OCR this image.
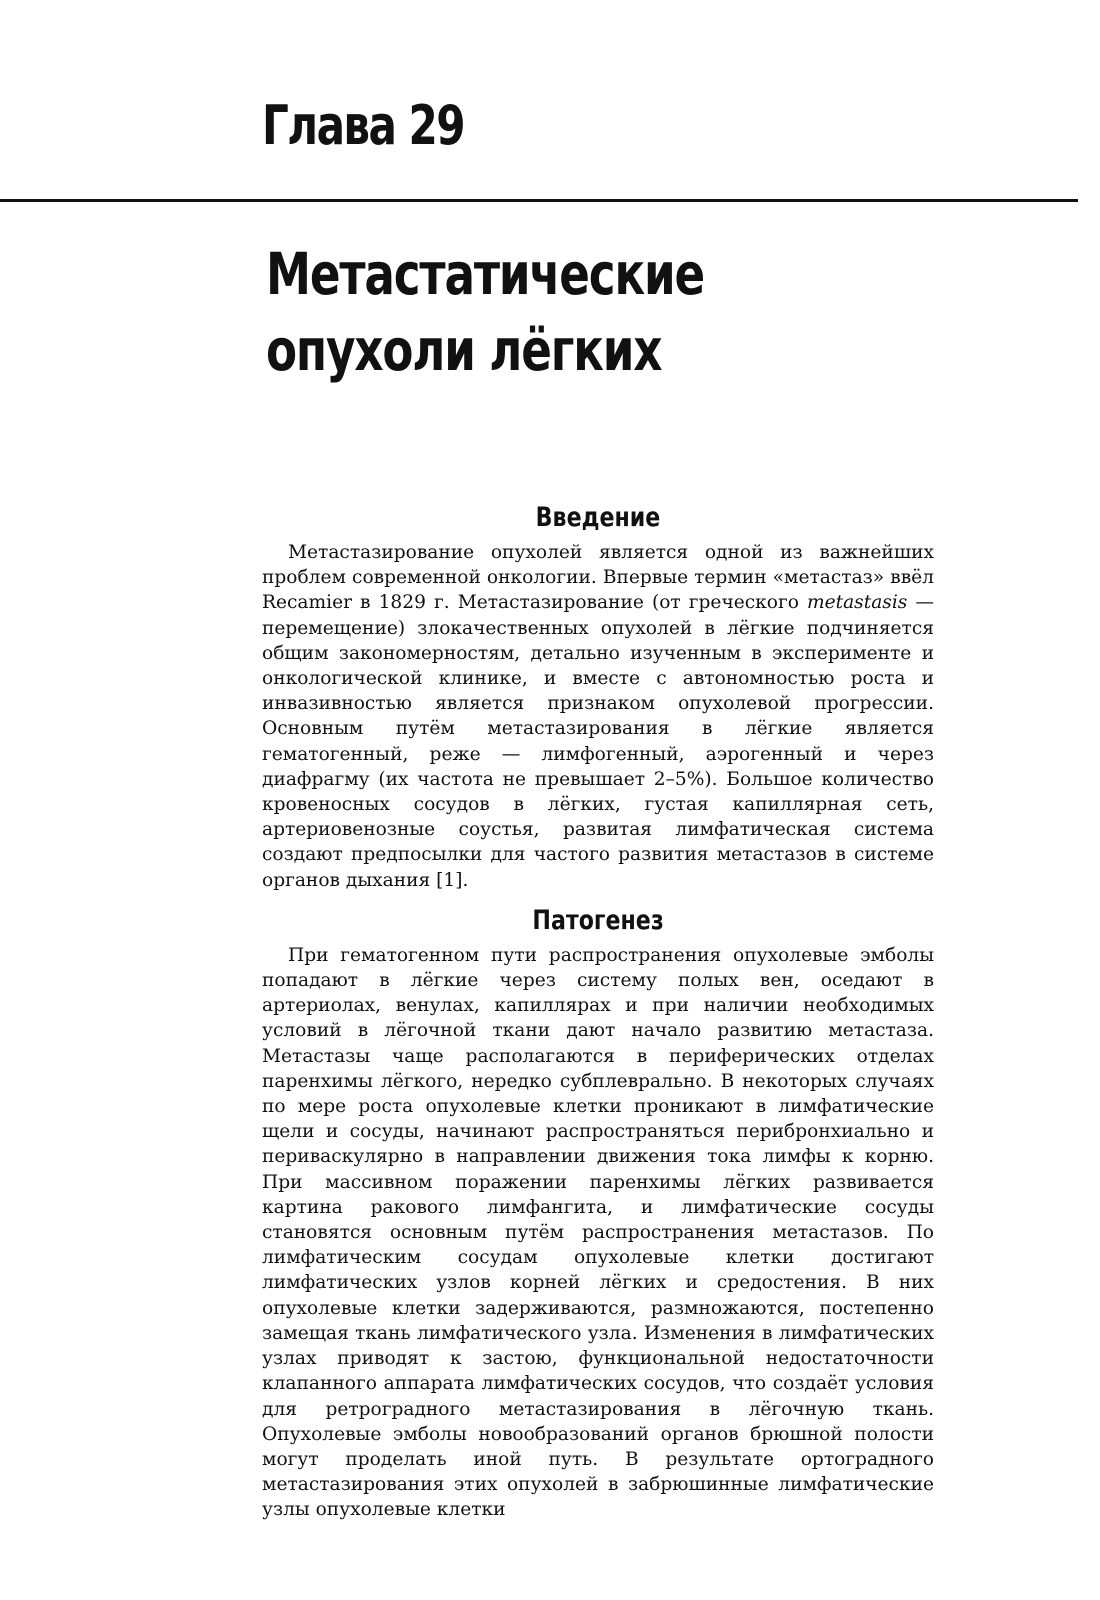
Глава 29
Метастатические
опухоли лёгких
Введение

Метастазирование опухолей является одной из важнейших проблем современной онкологии. Впервые термин «метастаз» ввёл Recamier в 1829 г. Метастазирование (от греческого metastasis — перемещение) злокачественных опухолей в лёгкие подчиняется общим закономерностям, детально изученным в эксперименте и онкологической клинике, и вместе с автономностью роста и инвазивностью является признаком опухолевой прогрессии. Основным путём метастазирования в лёгкие является гематогенный, реже — лимфогенный, аэрогенный и через диафрагму (их частота не превышает 2–5%). Большое количество кровеносных сосудов в лёгких, густая капиллярная сеть, артериовенозные соустья, развитая лимфатическая система создают предпосылки для частого развития метастазов в системе органов дыхания [1].

Патогенез

При гематогенном пути распространения опухолевые эмболы попадают в лёгкие через систему полых вен, оседают в артериолах, венулах, капиллярах и при наличии необходимых условий в лёгочной ткани дают начало развитию метастаза. Метастазы чаще располагаются в периферических отделах паренхимы лёгкого, нередко субплеврально. В некоторых случаях по мере роста опухолевые клетки проникают в лимфатические щели и сосуды, начинают распространяться перибронхиально и периваскулярно в направлении движения тока лимфы к корню. При массивном поражении паренхимы лёгких развивается картина ракового лимфангита, и лимфатические сосуды становятся основным путём распространения метастазов. По лимфатическим сосудам опухолевые клетки достигают лимфатических узлов корней лёгких и средостения. В них опухолевые клетки задерживаются, размножаются, постепенно замещая ткань лимфатического узла. Изменения в лимфатических узлах приводят к застою, функциональной недостаточности клапанного аппарата лимфатических сосудов, что создаёт условия для ретроградного метастазирования в лёгочную ткань. Опухолевые эмболы новообразований органов брюшной полости могут проделать иной путь. В результате ортоградного метастазирования этих опухолей в забрюшинные лимфатические узлы опухолевые клетки
